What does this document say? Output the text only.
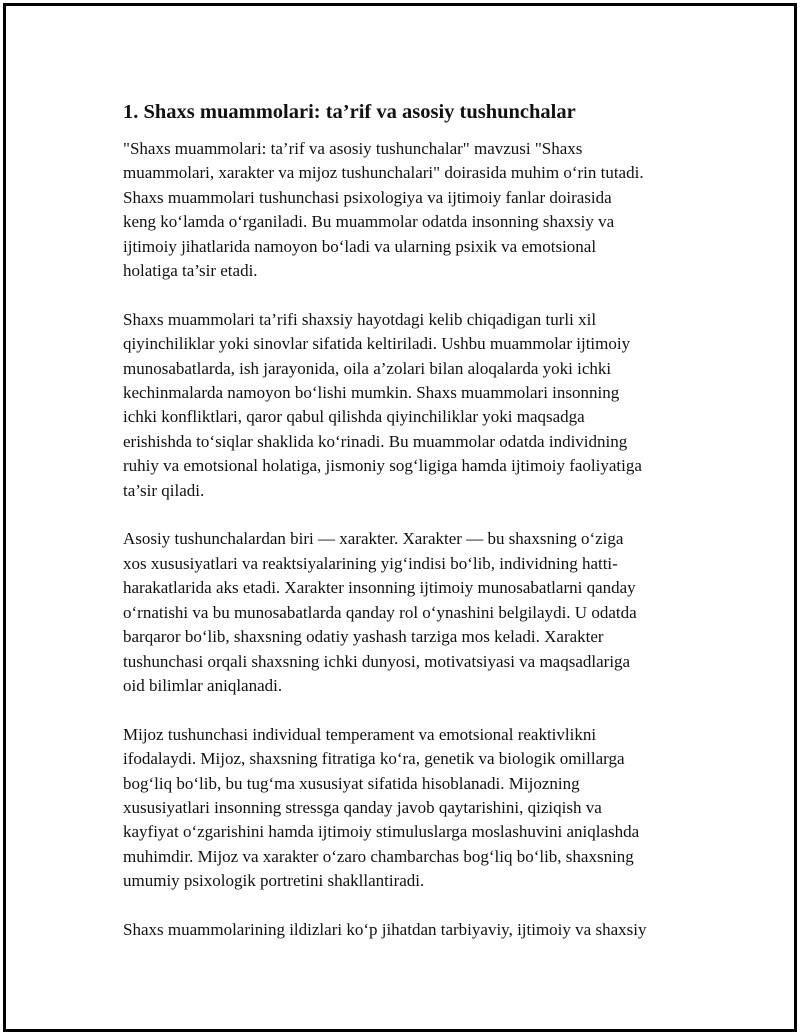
1. Shaxs muammolari: ta’rif va asosiy tushunchalar
"Shaxs muammolari: ta’rif va asosiy tushunchalar" mavzusi "Shaxs
muammolari, xarakter va mijoz tushunchalari" doirasida muhim o‘rin tutadi.
Shaxs muammolari tushunchasi psixologiya va ijtimoiy fanlar doirasida
keng ko‘lamda o‘rganiladi. Bu muammolar odatda insonning shaxsiy va
ijtimoiy jihatlarida namoyon bo‘ladi va ularning psixik va emotsional
holatiga ta’sir etadi.
Shaxs muammolari ta’rifi shaxsiy hayotdagi kelib chiqadigan turli xil
qiyinchiliklar yoki sinovlar sifatida keltiriladi. Ushbu muammolar ijtimoiy
munosabatlarda, ish jarayonida, oila a’zolari bilan aloqalarda yoki ichki
kechinmalarda namoyon bo‘lishi mumkin. Shaxs muammolari insonning
ichki konfliktlari, qaror qabul qilishda qiyinchiliklar yoki maqsadga
erishishda to‘siqlar shaklida ko‘rinadi. Bu muammolar odatda individning
ruhiy va emotsional holatiga, jismoniy sog‘ligiga hamda ijtimoiy faoliyatiga
ta’sir qiladi.
Asosiy tushunchalardan biri — xarakter. Xarakter — bu shaxsning o‘ziga
xos xususiyatlari va reaktsiyalarining yig‘indisi bo‘lib, individning hatti-
harakatlarida aks etadi. Xarakter insonning ijtimoiy munosabatlarni qanday
o‘rnatishi va bu munosabatlarda qanday rol o‘ynashini belgilaydi. U odatda
barqaror bo‘lib, shaxsning odatiy yashash tarziga mos keladi. Xarakter
tushunchasi orqali shaxsning ichki dunyosi, motivatsiyasi va maqsadlariga
oid bilimlar aniqlanadi.
Mijoz tushunchasi individual temperament va emotsional reaktivlikni
ifodalaydi. Mijoz, shaxsning fitratiga ko‘ra, genetik va biologik omillarga
bog‘liq bo‘lib, bu tug‘ma xususiyat sifatida hisoblanadi. Mijozning
xususiyatlari insonning stressga qanday javob qaytarishini, qiziqish va
kayfiyat o‘zgarishini hamda ijtimoiy stimuluslarga moslashuvini aniqlashda
muhimdir. Mijoz va xarakter o‘zaro chambarchas bog‘liq bo‘lib, shaxsning
umumiy psixologik portretini shakllantiradi.
Shaxs muammolarining ildizlari ko‘p jihatdan tarbiyaviy, ijtimoiy va shaxsiy
